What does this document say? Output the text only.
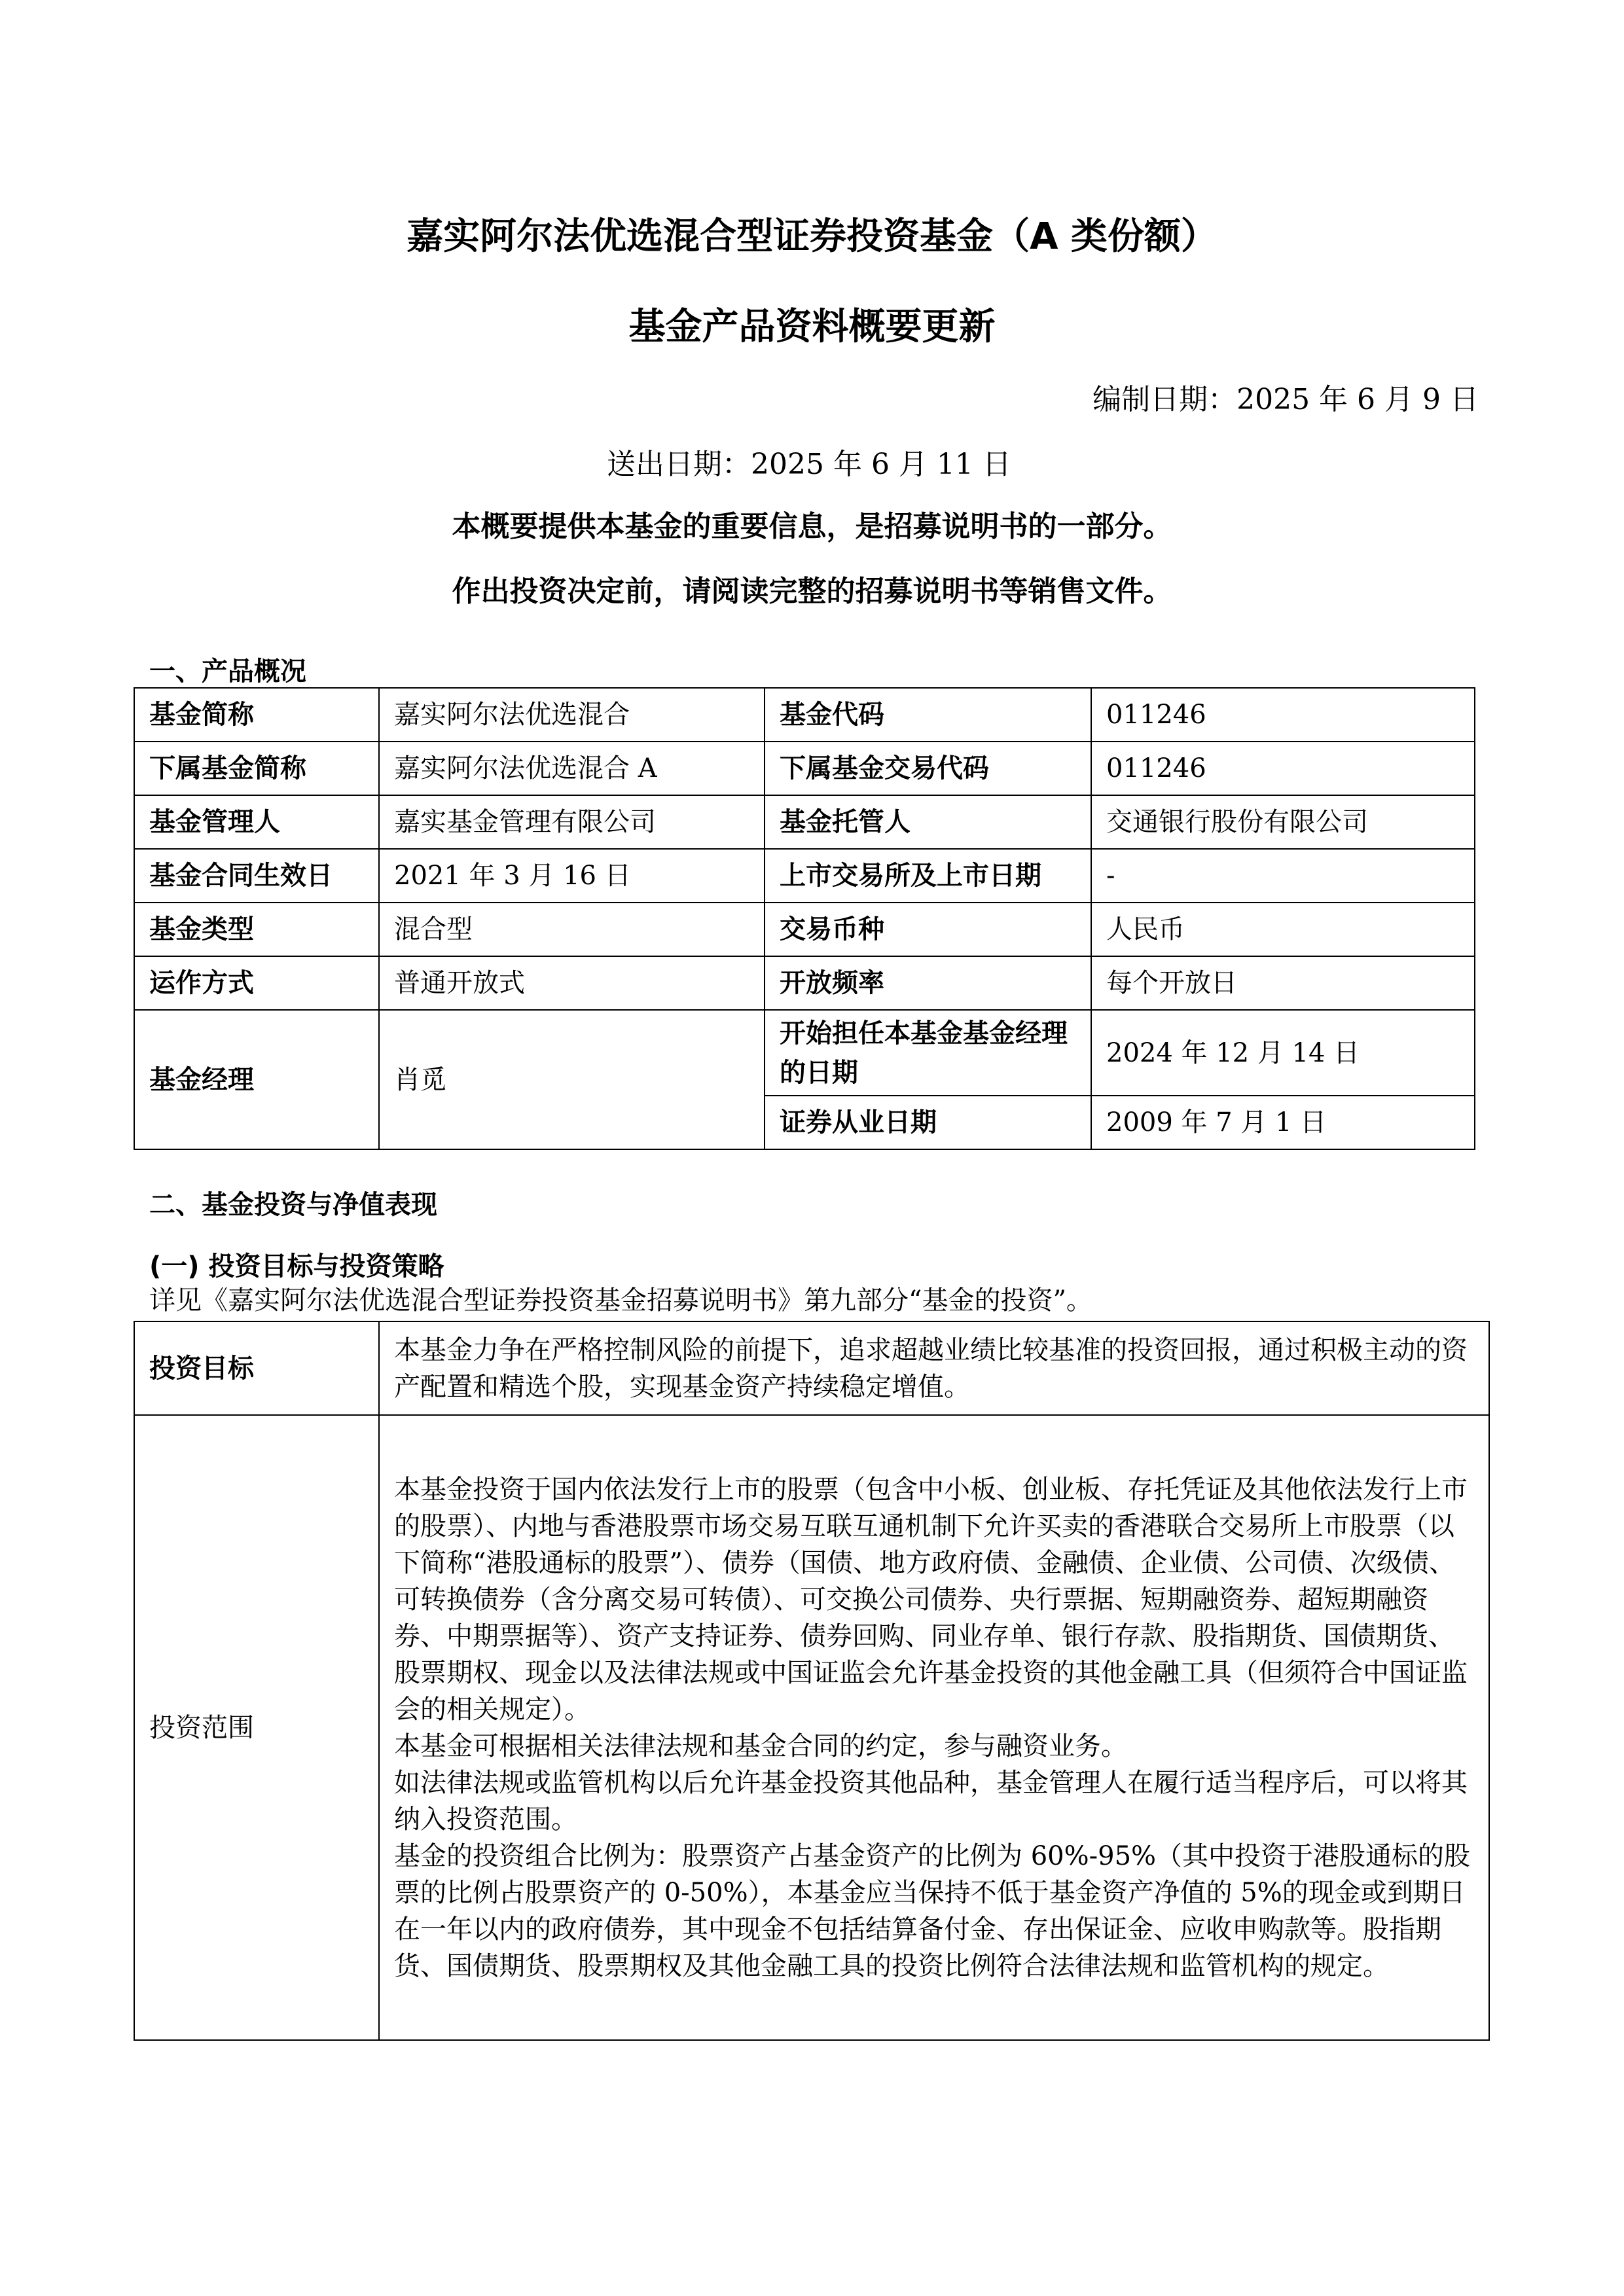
嘉实阿尔法优选混合型证券投资基金（A 类份额）
基金产品资料概要更新
编制日期：2025 年 6 月 9 日
送出日期：2025 年 6 月 11 日
本概要提供本基金的重要信息，是招募说明书的一部分。
作出投资决定前，请阅读完整的招募说明书等销售文件。
一、产品概况
基金简称	嘉实阿尔法优选混合	基金代码	011246
下属基金简称	嘉实阿尔法优选混合 A	下属基金交易代码	011246
基金管理人	嘉实基金管理有限公司	基金托管人	交通银行股份有限公司
基金合同生效日	2021 年 3 月 16 日	上市交易所及上市日期	-
基金类型	混合型	交易币种	人民币
运作方式	普通开放式	开放频率	每个开放日
基金经理	肖觅	开始担任本基金基金经理的日期	2024 年 12 月 14 日
		证券从业日期	2009 年 7 月 1 日
二、基金投资与净值表现
(一) 投资目标与投资策略
详见《嘉实阿尔法优选混合型证券投资基金招募说明书》第九部分“基金的投资”。
投资目标	本基金力争在严格控制风险的前提下，追求超越业绩比较基准的投资回报，通过积极主动的资产配置和精选个股，实现基金资产持续稳定增值。
投资范围	本基金投资于国内依法发行上市的股票（包含中小板、创业板、存托凭证及其他依法发行上市的股票）、内地与香港股票市场交易互联互通机制下允许买卖的香港联合交易所上市股票（以下简称“港股通标的股票”）、债券（国债、地方政府债、金融债、企业债、公司债、次级债、可转换债券（含分离交易可转债）、可交换公司债券、央行票据、短期融资券、超短期融资券、中期票据等）、资产支持证券、债券回购、同业存单、银行存款、股指期货、国债期货、股票期权、现金以及法律法规或中国证监会允许基金投资的其他金融工具（但须符合中国证监会的相关规定）。

本基金可根据相关法律法规和基金合同的约定，参与融资业务。

如法律法规或监管机构以后允许基金投资其他品种，基金管理人在履行适当程序后，可以将其纳入投资范围。

基金的投资组合比例为：股票资产占基金资产的比例为 60%-95%（其中投资于港股通标的股票的比例占股票资产的 0-50%），本基金应当保持不低于基金资产净值的 5%的现金或到期日在一年以内的政府债券，其中现金不包括结算备付金、存出保证金、应收申购款等。股指期货、国债期货、股票期权及其他金融工具的投资比例符合法律法规和监管机构的规定。
